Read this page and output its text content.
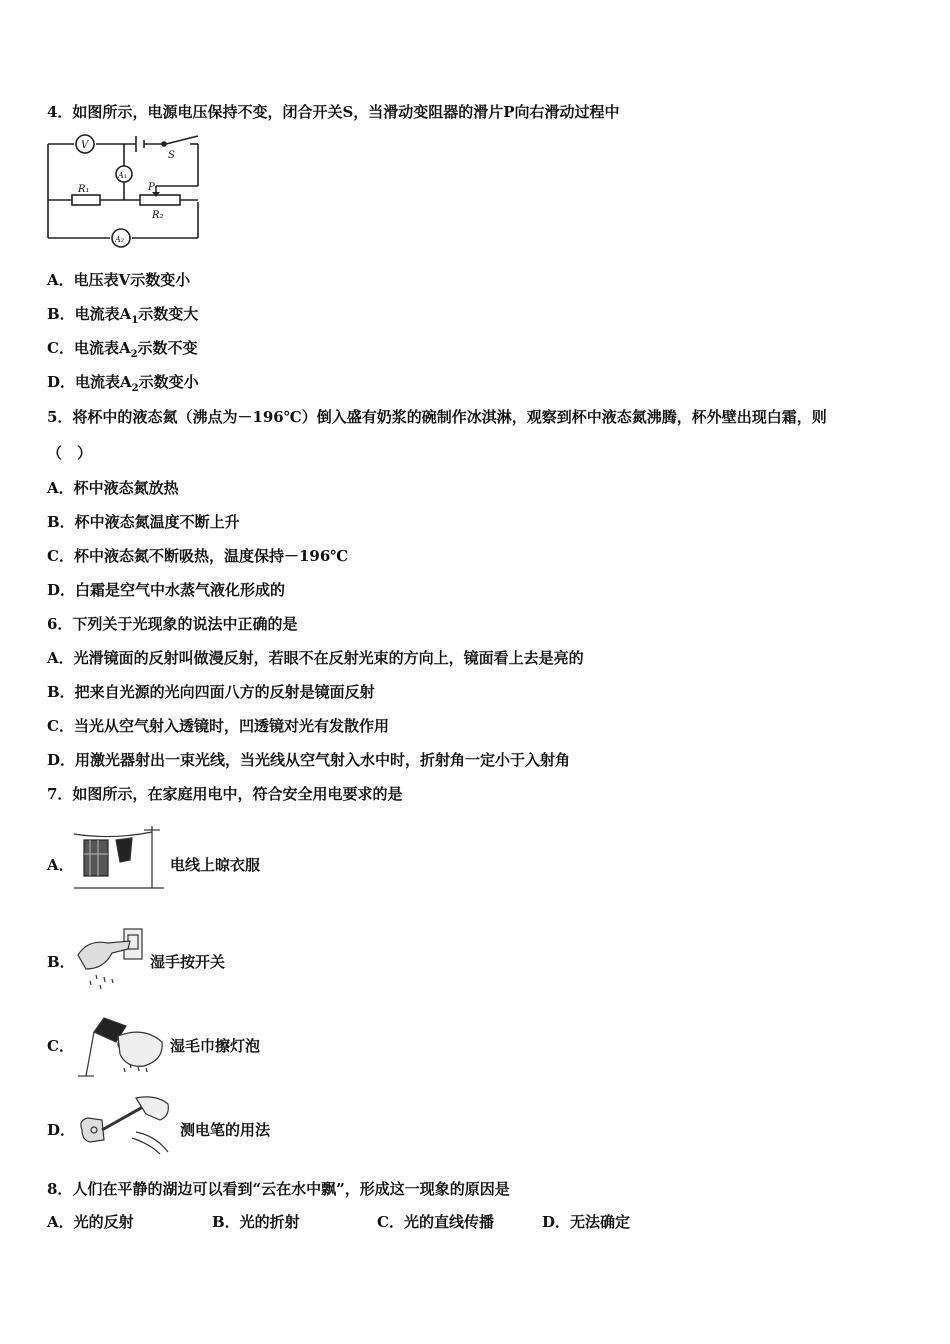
4．如图所示，电源电压保持不变，闭合开关S，当滑动变阻器的滑片P向右滑动过程中
V
A₁
A₂
S
P
R₁
R₂
A．电压表V示数变小
B．电流表$A_1$示数变大
C．电流表$A_2$示数不变
D．电流表$A_2$示数变小
5．将杯中的液态氮（沸点为－196℃）倒入盛有奶浆的碗制作冰淇淋，观察到杯中液态氮沸腾，杯外壁出现白霜，则
（　）
A．杯中液态氮放热
B．杯中液态氮温度不断上升
C．杯中液态氮不断吸热，温度保持－196℃
D．白霜是空气中水蒸气液化形成的
6．下列关于光现象的说法中正确的是
A．光滑镜面的反射叫做漫反射，若眼不在反射光束的方向上，镜面看上去是亮的
B．把来自光源的光向四面八方的反射是镜面反射
C．当光从空气射入透镜时，凹透镜对光有发散作用
D．用激光器射出一束光线，当光线从空气射入水中时，折射角一定小于入射角
7．如图所示，在家庭用电中，符合安全用电要求的是
A．	电线上晾衣服
B．	湿手按开关
C．	湿毛巾擦灯泡
D．	测电笔的用法
8．人们在平静的湖边可以看到“云在水中飘”，形成这一现象的原因是
A．光的反射	B．光的折射	C．光的直线传播	D．无法确定
